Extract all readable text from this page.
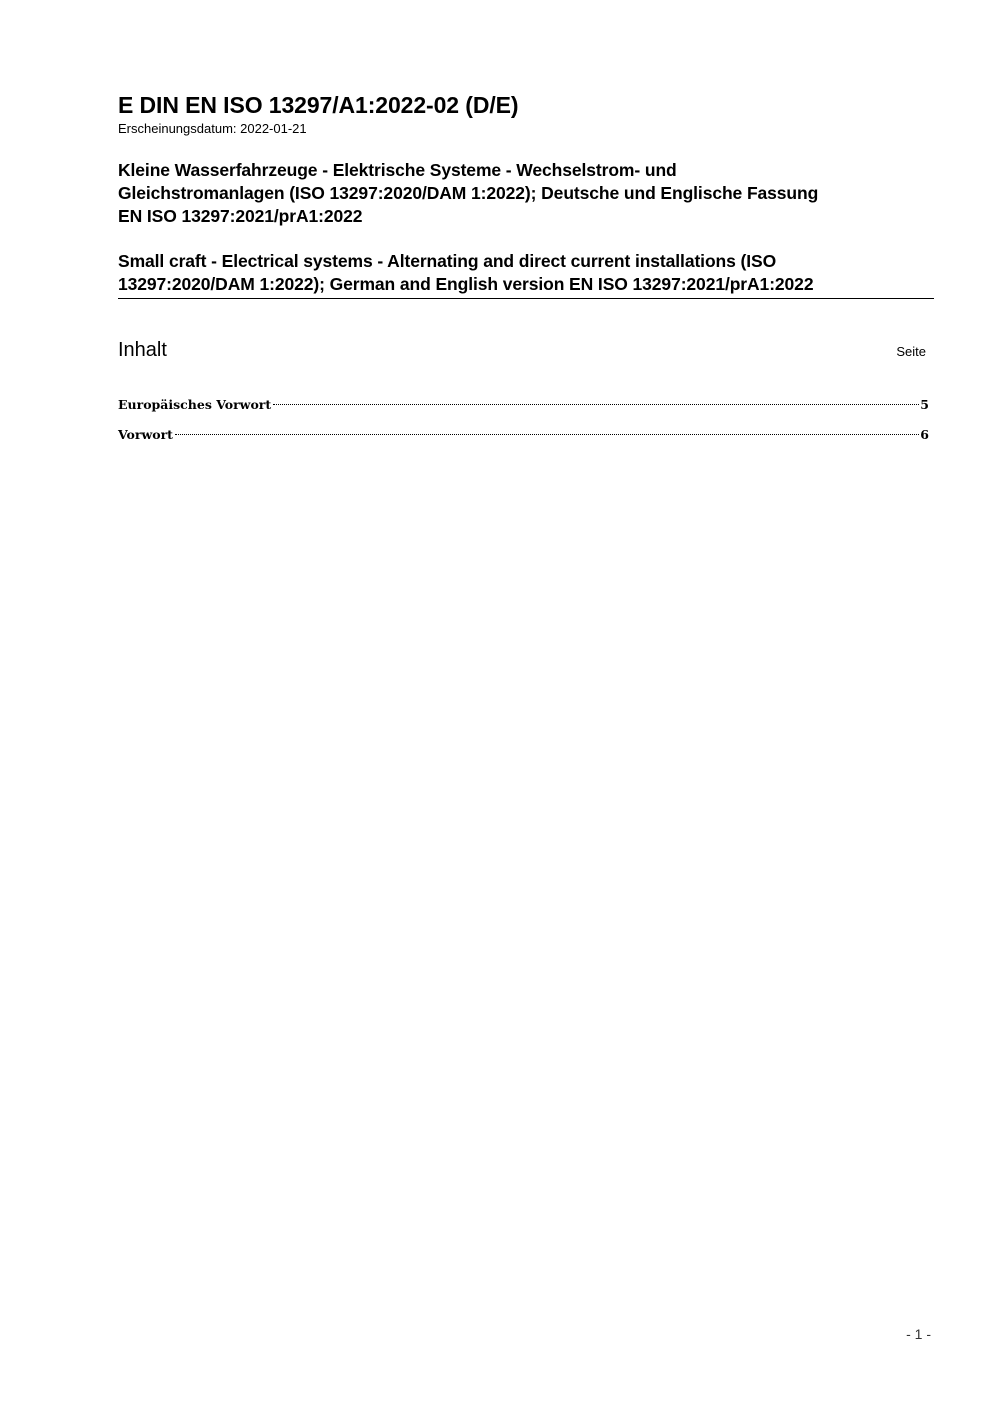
E DIN EN ISO 13297/A1:2022-02 (D/E)

Erscheinungsdatum: 2022-01-21

Kleine Wasserfahrzeuge - Elektrische Systeme - Wechselstrom- und
Gleichstromanlagen (ISO 13297:2020/DAM 1:2022); Deutsche und Englische Fassung
EN ISO 13297:2021/prA1:2022

Small craft - Electrical systems - Alternating and direct current installations (ISO
13297:2020/DAM 1:2022); German and English version EN ISO 13297:2021/prA1:2022

Inhalt	Seite
Europäisches Vorwort	5
Vorwort	6
- 1 -
